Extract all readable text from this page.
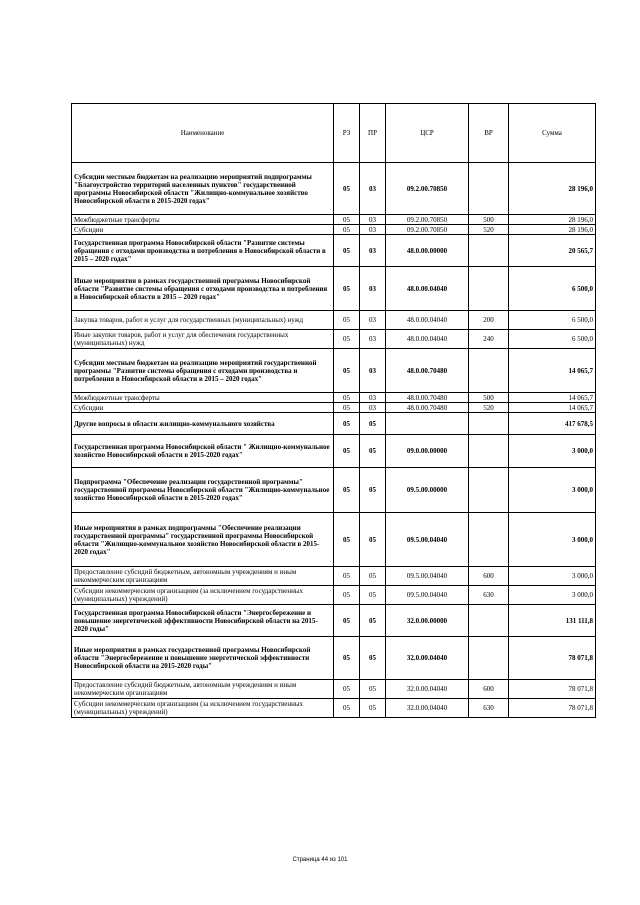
Наименование	РЗ	ПР	ЦСР	ВР	Сумма
Субсидии местным бюджетам на реализацию мероприятий подпрограммы "Благоустройство территорий населенных пунктов" государственной программы Новосибирской области "Жилищно-коммунальное хозяйство Новосибирской области в 2015-2020 годах"	05	03	09.2.00.70850		28 196,0
Межбюджетные трансферты	05	03	09.2.00.70850	500	28 196,0
Субсидии	05	03	09.2.00.70850	520	28 196,0
Государственная программа Новосибирской области "Развитие системы обращения с отходами производства и потребления в Новосибирской области в 2015 – 2020 годах"	05	03	48.0.00.00000		20 565,7
Иные мероприятия в рамках государственной программы Новосибирской области "Развитие системы обращения с отходами производства и потребления в Новосибирской области в 2015 – 2020 годах"	05	03	48.0.00.04040		6 500,0
Закупка товаров, работ и услуг для государственных (муниципальных) нужд	05	03	48.0.00.04040	200	6 500,0
Иные закупки товаров, работ и услуг для обеспечения государственных (муниципальных) нужд	05	03	48.0.00.04040	240	6 500,0
Субсидии местным бюджетам на реализацию мероприятий государственной программы "Развитие системы обращения с отходами производства и потребления в Новосибирской области в 2015 – 2020 годах"	05	03	48.0.00.70480		14 065,7
Межбюджетные трансферты	05	03	48.0.00.70480	500	14 065,7
Субсидии	05	03	48.0.00.70480	520	14 065,7
Другие вопросы в области жилищно-коммунального хозяйства	05	05			417 678,5
Государственная программа Новосибирской области " Жилищно-коммунальное хозяйство Новосибирской области в 2015-2020 годах"	05	05	09.0.00.00000		3 000,0
Подпрограмма "Обеспечение реализации государственной программы" государственной программы Новосибирской области "Жилищно-коммунальное хозяйство Новосибирской области в 2015-2020 годах"	05	05	09.5.00.00000		3 000,0
Иные мероприятия в рамках подпрограммы "Обеспечение реализации государственной программы" государственной программы Новосибирской области "Жилищно-коммунальное хозяйство Новосибирской области в 2015-2020 годах"	05	05	09.5.00.04040		3 000,0
Предоставление субсидий бюджетным, автономным учреждениям и иным некоммерческим организациям	05	05	09.5.00.04040	600	3 000,0
Субсидии некоммерческим организациям (за исключением государственных (муниципальных) учреждений)	05	05	09.5.00.04040	630	3 000,0
Государственная программа Новосибирской области "Энергосбережение и повышение энергетической эффективности Новосибирской области на 2015- 2020 годы"	05	05	32.0.00.00000		131 111,8
Иные мероприятия в рамках государственной программы Новосибирской области "Энергосбережение и повышение энергетической эффективности Новосибирской области на 2015-2020 годы"	05	05	32.0.00.04040		78 071,8
Предоставление субсидий бюджетным, автономным учреждениям и иным некоммерческим организациям	05	05	32.0.00.04040	600	78 071,8
Субсидии некоммерческим организациям (за исключением государственных (муниципальных) учреждений)	05	05	32.0.00.04040	630	78 071,8
Страница 44 из 101
